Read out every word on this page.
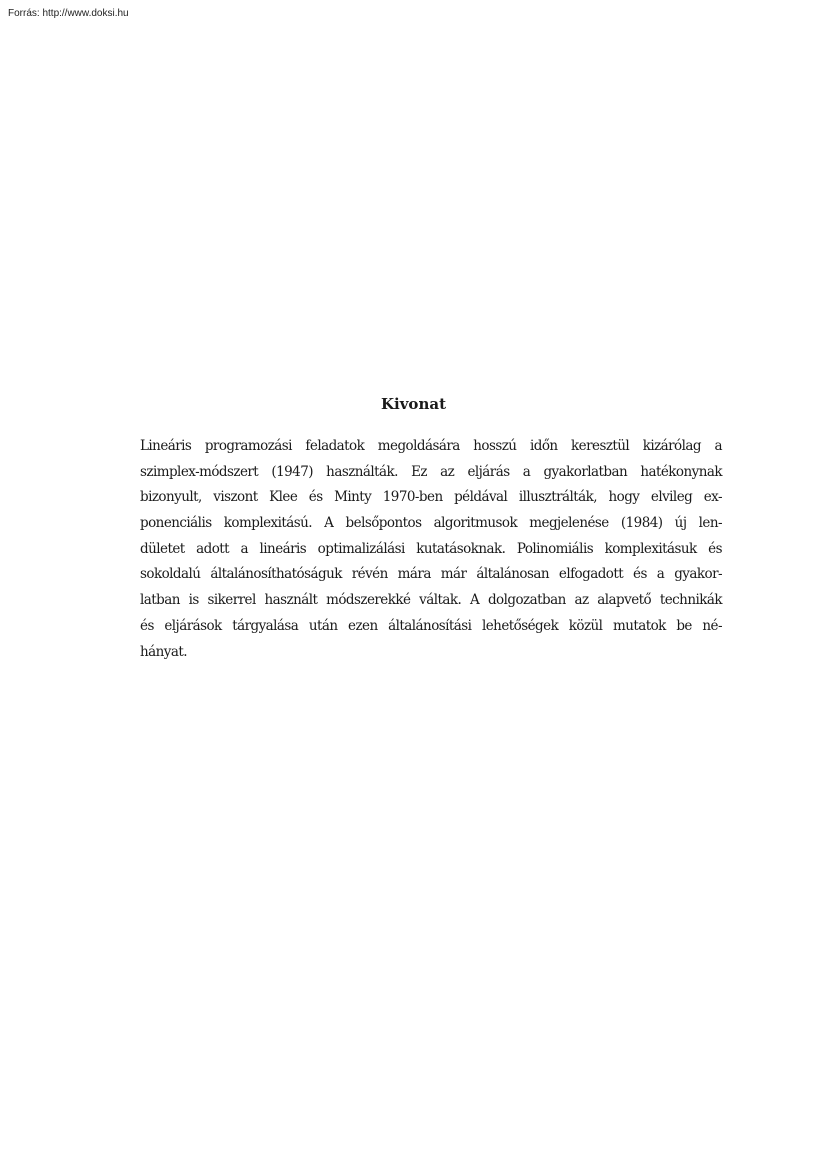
Forrás: http://www.doksi.hu
Kivonat
Lineáris programozási feladatok megoldására hosszú időn keresztül kizárólag a
szimplex-módszert (1947) használták. Ez az eljárás a gyakorlatban hatékonynak
bizonyult, viszont Klee és Minty 1970-ben példával illusztrálták, hogy elvileg ex-
ponenciális komplexitású. A belsőpontos algoritmusok megjelenése (1984) új len-
dületet adott a lineáris optimalizálási kutatásoknak. Polinomiális komplexitásuk és
sokoldalú általánosíthatóságuk révén mára már általánosan elfogadott és a gyakor-
latban is sikerrel használt módszerekké váltak. A dolgozatban az alapvető technikák
és eljárások tárgyalása után ezen általánosítási lehetőségek közül mutatok be né-
hányat.
